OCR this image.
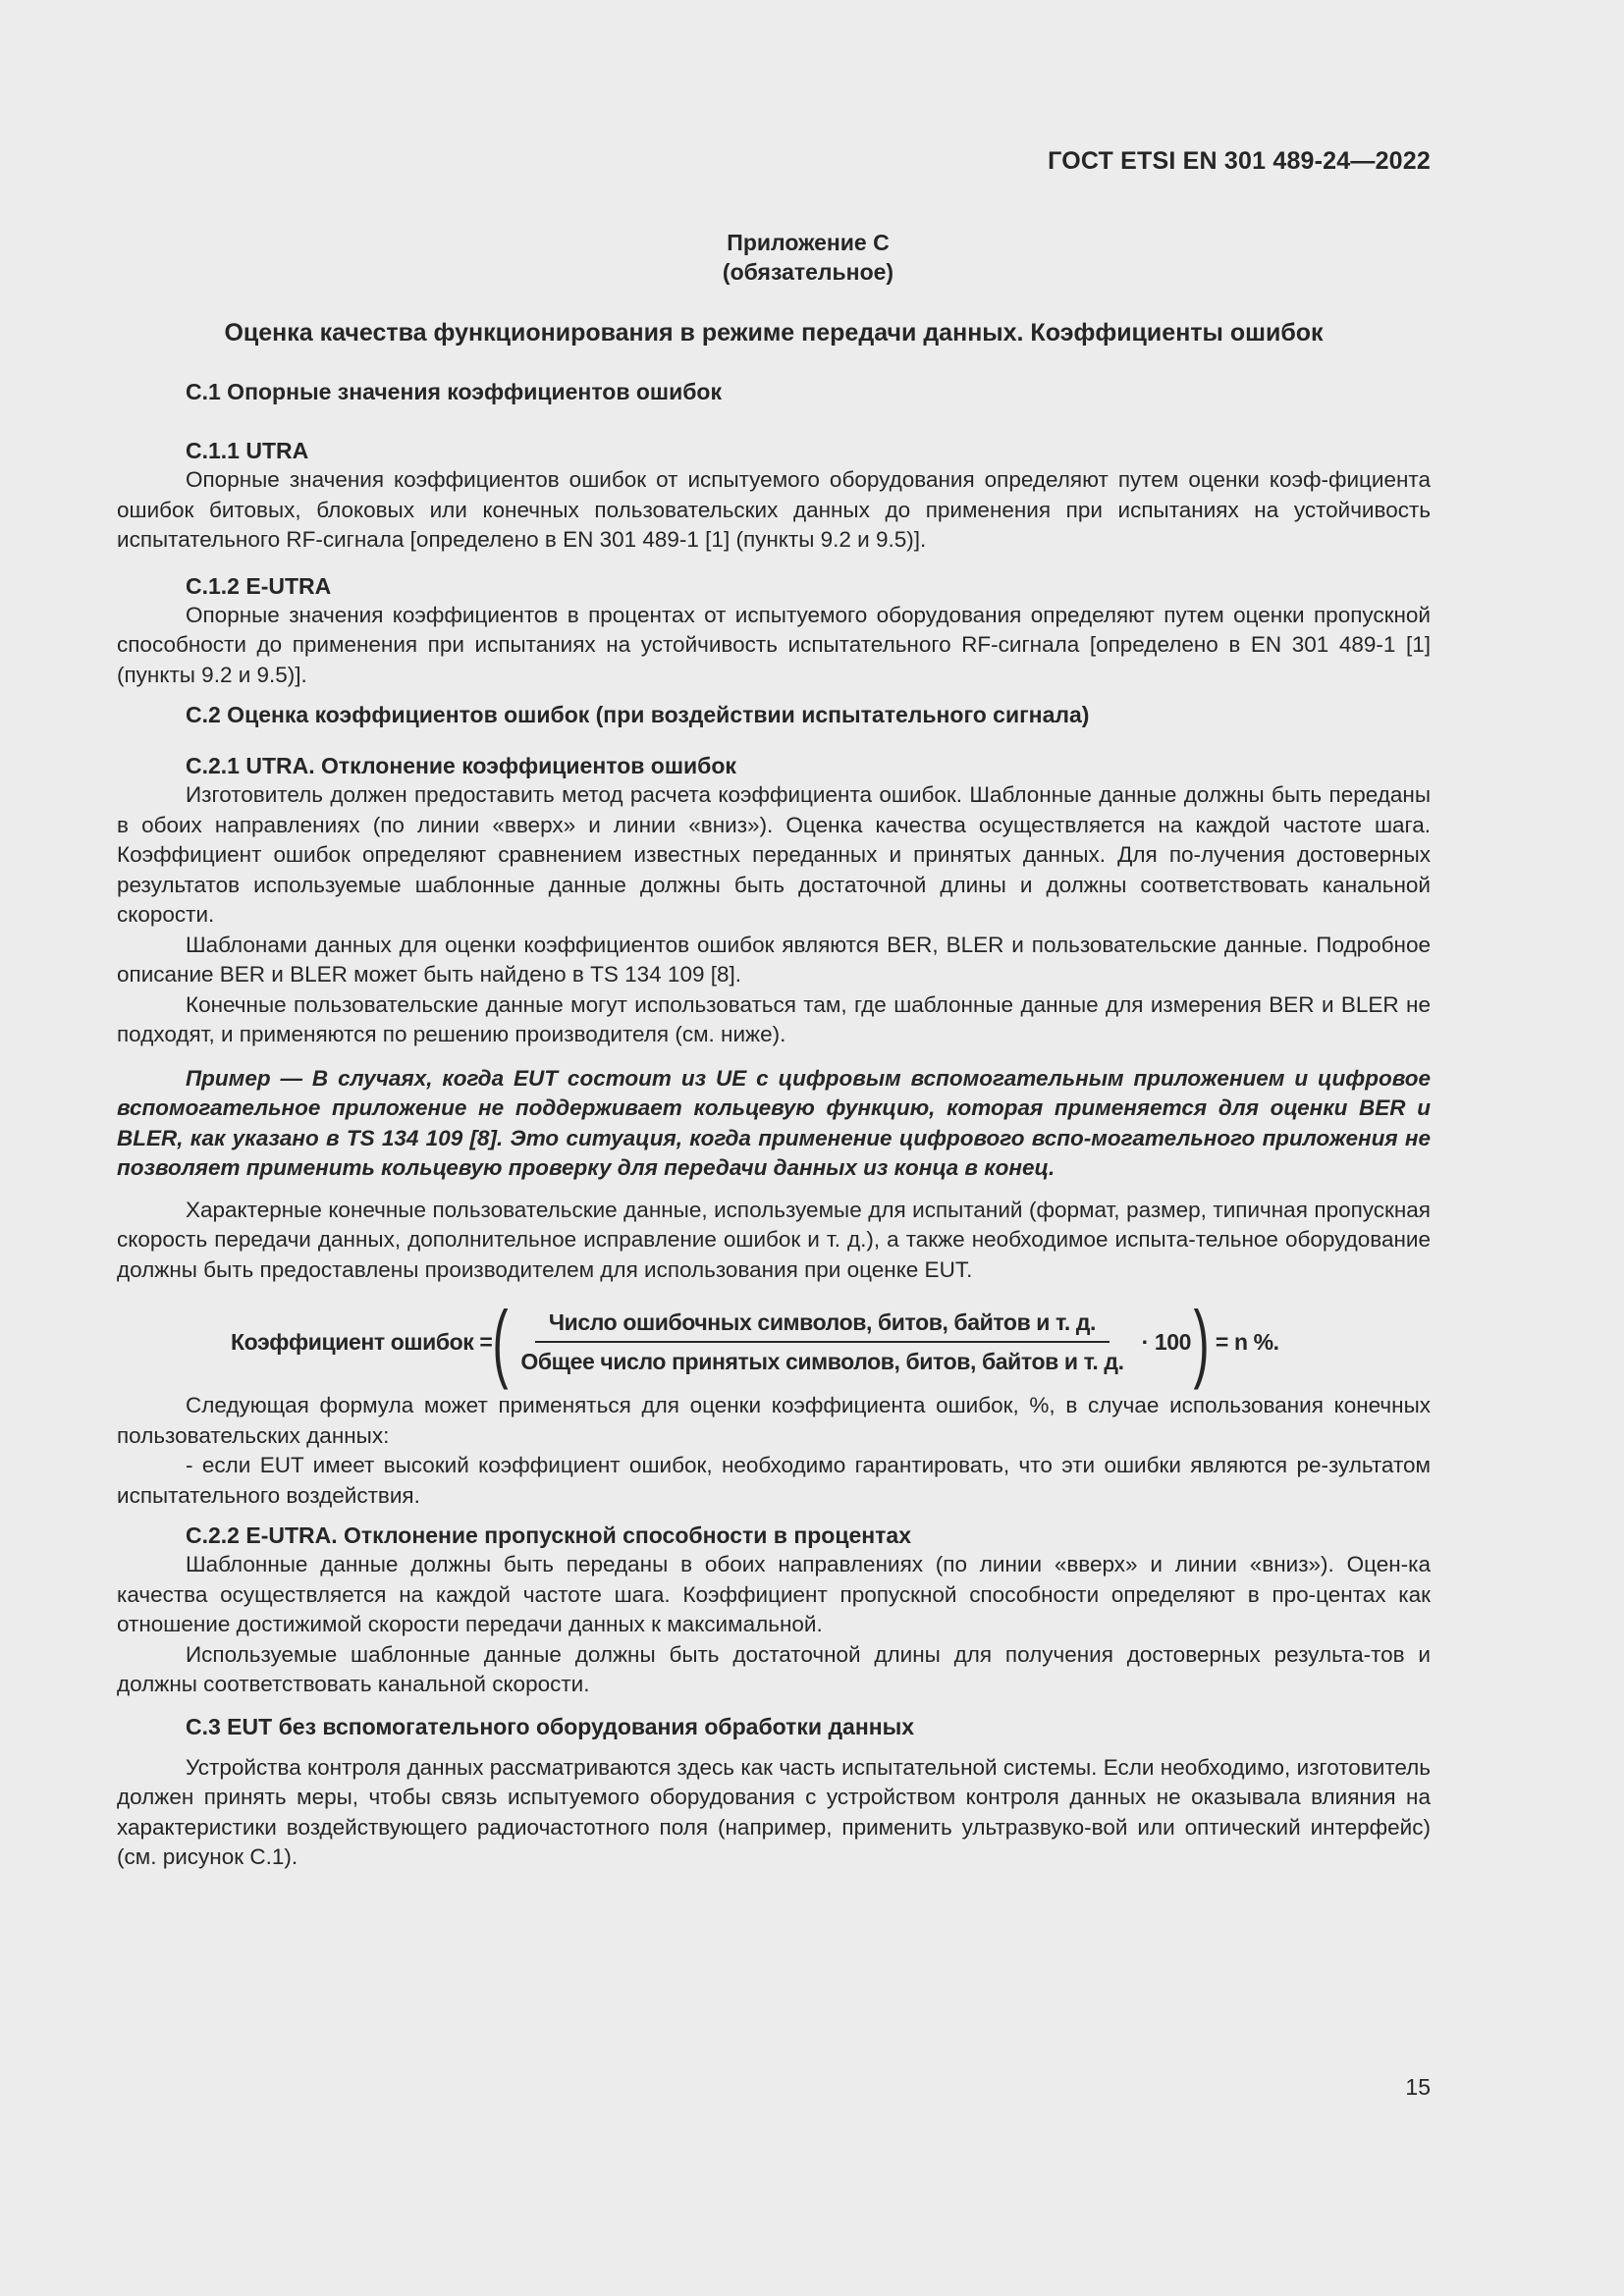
ГОСТ ETSI EN 301 489-24—2022
Приложение С
(обязательное)
Оценка качества функционирования в режиме передачи данных. Коэффициенты ошибок
С.1 Опорные значения коэффициентов ошибок
С.1.1 UTRA

Опорные значения коэффициентов ошибок от испытуемого оборудования определяют путем оценки коэф-фициента ошибок битовых, блоковых или конечных пользовательских данных до применения при испытаниях на устойчивость испытательного RF-сигнала [определено в EN 301 489-1 [1] (пункты 9.2 и 9.5)].

С.1.2 E-UTRA

Опорные значения коэффициентов в процентах от испытуемого оборудования определяют путем оценки пропускной способности до применения при испытаниях на устойчивость испытательного RF-сигнала [определено в EN 301 489-1 [1] (пункты 9.2 и 9.5)].

С.2 Оценка коэффициентов ошибок (при воздействии испытательного сигнала)
С.2.1 UTRA. Отклонение коэффициентов ошибок

Изготовитель должен предоставить метод расчета коэффициента ошибок. Шаблонные данные должны быть переданы в обоих направлениях (по линии «вверх» и линии «вниз»). Оценка качества осуществляется на каждой частоте шага. Коэффициент ошибок определяют сравнением известных переданных и принятых данных. Для по-лучения достоверных результатов используемые шаблонные данные должны быть достаточной длины и должны соответствовать канальной скорости.

Шаблонами данных для оценки коэффициентов ошибок являются BER, BLER и пользовательские данные. Подробное описание BER и BLER может быть найдено в TS 134 109 [8].

Конечные пользовательские данные могут использоваться там, где шаблонные данные для измерения BER и BLER не подходят, и применяются по решению производителя (см. ниже).

Пример — В случаях, когда EUT состоит из UE с цифровым вспомогательным приложением и цифровое вспомогательное приложение не поддерживает кольцевую функцию, которая применяется для оценки BER и BLER, как указано в TS 134 109 [8]. Это ситуация, когда применение цифрового вспо-могательного приложения не позволяет применить кольцевую проверку для передачи данных из конца в конец.

Характерные конечные пользовательские данные, используемые для испытаний (формат, размер, типичная пропускная скорость передачи данных, дополнительное исправление ошибок и т. д.), а также необходимое испыта-тельное оборудование должны быть предоставлены производителем для использования при оценке EUT.

Коэффициент ошибок = ( $\frac{\text{Число ошибочных символов, битов, байтов и т. д.}}{\text{Общее число принятых символов, битов, байтов и т. д.}} \cdot 100$ ) = n %.

Следующая формула может применяться для оценки коэффициента ошибок, %, в случае использования конечных пользовательских данных:

- если EUT имеет высокий коэффициент ошибок, необходимо гарантировать, что эти ошибки являются ре-зультатом испытательного воздействия.

С.2.2 E-UTRA. Отклонение пропускной способности в процентах

Шаблонные данные должны быть переданы в обоих направлениях (по линии «вверх» и линии «вниз»). Оцен-ка качества осуществляется на каждой частоте шага. Коэффициент пропускной способности определяют в про-центах как отношение достижимой скорости передачи данных к максимальной.

Используемые шаблонные данные должны быть достаточной длины для получения достоверных результа-тов и должны соответствовать канальной скорости.

С.3 EUT без вспомогательного оборудования обработки данных

Устройства контроля данных рассматриваются здесь как часть испытательной системы. Если необходимо, изготовитель должен принять меры, чтобы связь испытуемого оборудования с устройством контроля данных не оказывала влияния на характеристики воздействующего радиочастотного поля (например, применить ультразвуко-вой или оптический интерфейс) (см. рисунок С.1).

15
